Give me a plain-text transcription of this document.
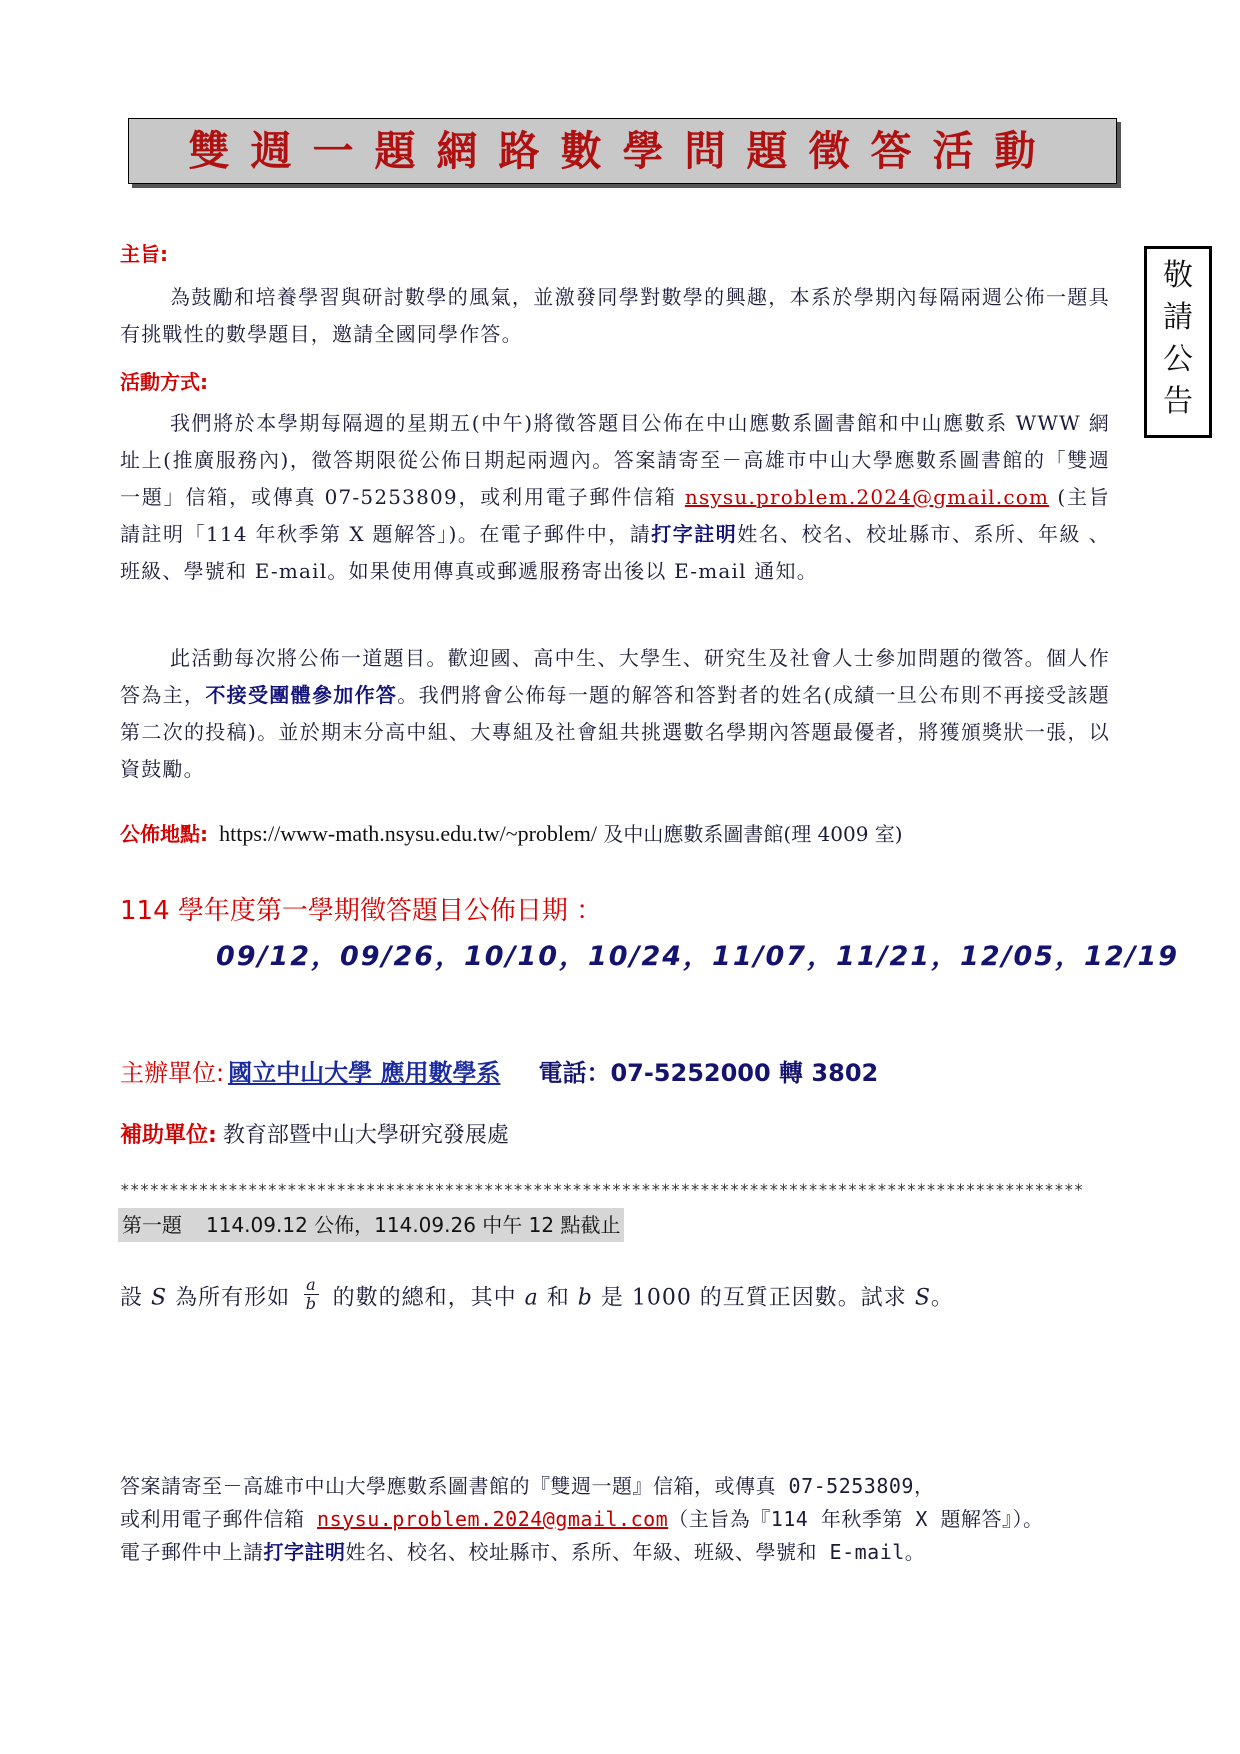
雙週一題網路數學問題徵答活動
敬
請
公
告
主旨:
為鼓勵和培養學習與研討數學的風氣，並激發同學對數學的興趣，本系於學期內每隔兩週公佈一題具有挑戰性的數學題目，邀請全國同學作答。
活動方式:
我們將於本學期每隔週的星期五(中午)將徵答題目公佈在中山應數系圖書館和中山應數系 WWW 網址上(推廣服務內)，徵答期限從公佈日期起兩週內。答案請寄至－高雄市中山大學應數系圖書館的「雙週一題」信箱，或傳真 07-5253809，或利用電子郵件信箱 nsysu.problem.2024@gmail.com (主旨請註明「114 年秋季第 X 題解答」)。在電子郵件中，請打字註明姓名、校名、校址縣市、系所、年級 、班級、學號和 E-mail。如果使用傳真或郵遞服務寄出後以 E-mail 通知。
此活動每次將公佈一道題目。歡迎國、高中生、大學生、研究生及社會人士參加問題的徵答。個人作答為主，不接受團體參加作答。我們將會公佈每一題的解答和答對者的姓名(成績一旦公布則不再接受該題第二次的投稿)。並於期末分高中組、大專組及社會組共挑選數名學期內答題最優者，將獲頒獎狀一張，以資鼓勵。
公佈地點: https://www-math.nsysu.edu.tw/~problem/ 及中山應數系圖書館(理 4009 室)
114 學年度第一學期徵答題目公佈日期 ：
09/12，09/26，10/10，10/24，11/07，11/21，12/05，12/19
主辦單位: 國立中山大學 應用數學系 電話：07-5252000 轉 3802
補助單位: 教育部暨中山大學研究發展處
**************************************************************************************************
第一題 114.09.12 公佈，114.09.26 中午 12 點截止
設 S 為所有形如 $\frac{a}{b}$ 的數的總和，其中 a 和 b 是 1000 的互質正因數。試求 S。
答案請寄至－高雄市中山大學應數系圖書館的『雙週一題』信箱，或傳真 07-5253809，
或利用電子郵件信箱 nsysu.problem.2024@gmail.com（主旨為『114 年秋季第 X 題解答』）。
電子郵件中上請打字註明姓名、校名、校址縣市、系所、年級、班級、學號和 E-mail。
